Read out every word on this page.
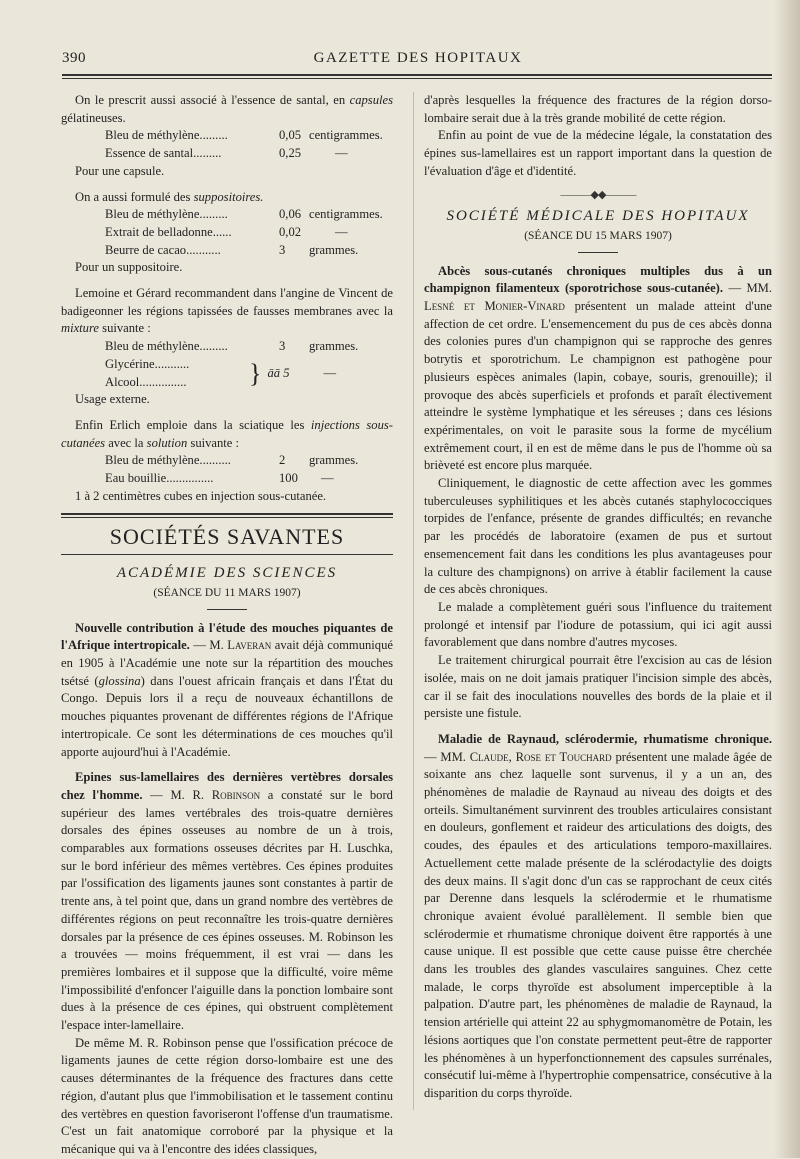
390	GAZETTE DES HOPITAUX

On le prescrit aussi associé à l'essence de santal, en capsules gélatineuses.

Bleu de méthylène.........	0,05 centigrammes.
Essence de santal.........	0,25	—

Pour une capsule.

On a aussi formulé des suppositoires.

Bleu de méthylène.........	0,06 centigrammes.
Extrait de belladonne......	0,02	—
Beurre de cacao...........	3	grammes.

Pour un suppositoire.

Lemoine et Gérard recommandent dans l'angine de Vincent de badigeonner les régions tapissées de fausses membranes avec la mixture suivante :

Bleu de méthylène.........	3	grammes.
Glycérine...........
Alcool...............	} āā 5	—

Usage externe.

Enfin Erlich emploie dans la sciatique les injections sous-cutanées avec la solution suivante :

Bleu de méthylène..........	2	grammes.
Eau bouillie...............	100	—

1 à 2 centimètres cubes en injection sous-cutanée.

SOCIÉTÉS SAVANTES
ACADÉMIE DES SCIENCES
(SÉANCE DU 11 MARS 1907)

Nouvelle contribution à l'étude des mouches piquantes de l'Afrique intertropicale. — M. Laveran avait déjà communiqué en 1905 à l'Académie une note sur la répartition des mouches tsétsé (glossina) dans l'ouest africain français et dans l'État du Congo. Depuis lors il a reçu de nouveaux échantillons de mouches piquantes provenant de différentes régions de l'Afrique intertropicale. Ce sont les déterminations de ces mouches qu'il apporte aujourd'hui à l'Académie.

Epines sus-lamellaires des dernières vertèbres dorsales chez l'homme. — M. R. Robinson a constaté sur le bord supérieur des lames vertébrales des trois-quatre dernières dorsales des épines osseuses au nombre de un à trois, comparables aux formations osseuses décrites par H. Luschka, sur le bord inférieur des mêmes vertèbres. Ces épines produites par l'ossification des ligaments jaunes sont constantes à partir de trente ans, à tel point que, dans un grand nombre des vertèbres de différentes régions on peut reconnaître les trois-quatre dernières dorsales par la présence de ces épines osseuses. M. Robinson les a trouvées — moins fréquemment, il est vrai — dans les premières lombaires et il suppose que la difficulté, voire même l'impossibilité d'enfoncer l'aiguille dans la ponction lombaire sont dues à la présence de ces épines, qui obstruent complètement l'espace inter-lamellaire.

De même M. R. Robinson pense que l'ossification précoce de ligaments jaunes de cette région dorso-lombaire est une des causes déterminantes de la fréquence des fractures dans cette région, d'autant plus que l'immobilisation et le tassement continu des vertèbres en question favoriseront l'offense d'un traumatisme. C'est un fait anatomique corroboré par la physique et la mécanique qui va à l'encontre des idées classiques,

d'après lesquelles la fréquence des fractures de la région dorso-lombaire serait due à la très grande mobilité de cette région.

Enfin au point de vue de la médecine légale, la constatation des épines sus-lamellaires est un rapport important dans la question de l'évaluation d'âge et d'identité.

———◆◆———
SOCIÉTÉ MÉDICALE DES HOPITAUX
(SÉANCE DU 15 MARS 1907)

Abcès sous-cutanés chroniques multiples dus à un champignon filamenteux (sporotrichose sous-cutanée). — MM. Lesné et Monier-Vinard présentent un malade atteint d'une affection de cet ordre. L'ensemencement du pus de ces abcès donna des colonies pures d'un champignon qui se rapproche des genres botrytis et sporotrichum. Le champignon est pathogène pour plusieurs espèces animales (lapin, cobaye, souris, grenouille); il provoque des abcès superficiels et profonds et paraît électivement atteindre le système lymphatique et les séreuses ; dans ces lésions expérimentales, on voit le parasite sous la forme de mycélium extrêmement court, il en est de même dans le pus de l'homme où sa brièveté est encore plus marquée.

Cliniquement, le diagnostic de cette affection avec les gommes tuberculeuses syphilitiques et les abcès cutanés staphylococciques torpides de l'enfance, présente de grandes difficultés; en revanche par les procédés de laboratoire (examen de pus et surtout ensemencement fait dans les conditions les plus avantageuses pour la culture des champignons) on arrive à établir facilement la cause de ces abcès chroniques.

Le malade a complètement guéri sous l'influence du traitement prolongé et intensif par l'iodure de potassium, qui ici agit aussi favorablement que dans nombre d'autres mycoses.

Le traitement chirurgical pourrait être l'excision au cas de lésion isolée, mais on ne doit jamais pratiquer l'incision simple des abcès, car il se fait des inoculations nouvelles des bords de la plaie et il persiste une fistule.

Maladie de Raynaud, sclérodermie, rhumatisme chronique. — MM. Claude, Rose et Touchard présentent une malade âgée de soixante ans chez laquelle sont survenus, il y a un an, des phénomènes de maladie de Raynaud au niveau des doigts et des orteils. Simultanément survinrent des troubles articulaires consistant en douleurs, gonflement et raideur des articulations des doigts, des coudes, des épaules et des articulations temporo-maxillaires. Actuellement cette malade présente de la sclérodactylie des doigts des deux mains. Il s'agit donc d'un cas se rapprochant de ceux cités par Derenne dans lesquels la sclérodermie et le rhumatisme chronique avaient évolué parallèlement. Il semble bien que sclérodermie et rhumatisme chronique doivent être rapportés à une cause unique. Il est possible que cette cause puisse être cherchée dans les troubles des glandes vasculaires sanguines. Chez cette malade, le corps thyroïde est absolument imperceptible à la palpation. D'autre part, les phénomènes de maladie de Raynaud, la tension artérielle qui atteint 22 au sphygmomanomètre de Potain, les lésions aortiques que l'on constate permettent peut-être de rapporter les phénomènes à un hyperfonctionnement des capsules surrénales, consécutif lui-même à l'hypertrophie compensatrice, consécutive à la disparition du corps thyroïde.
